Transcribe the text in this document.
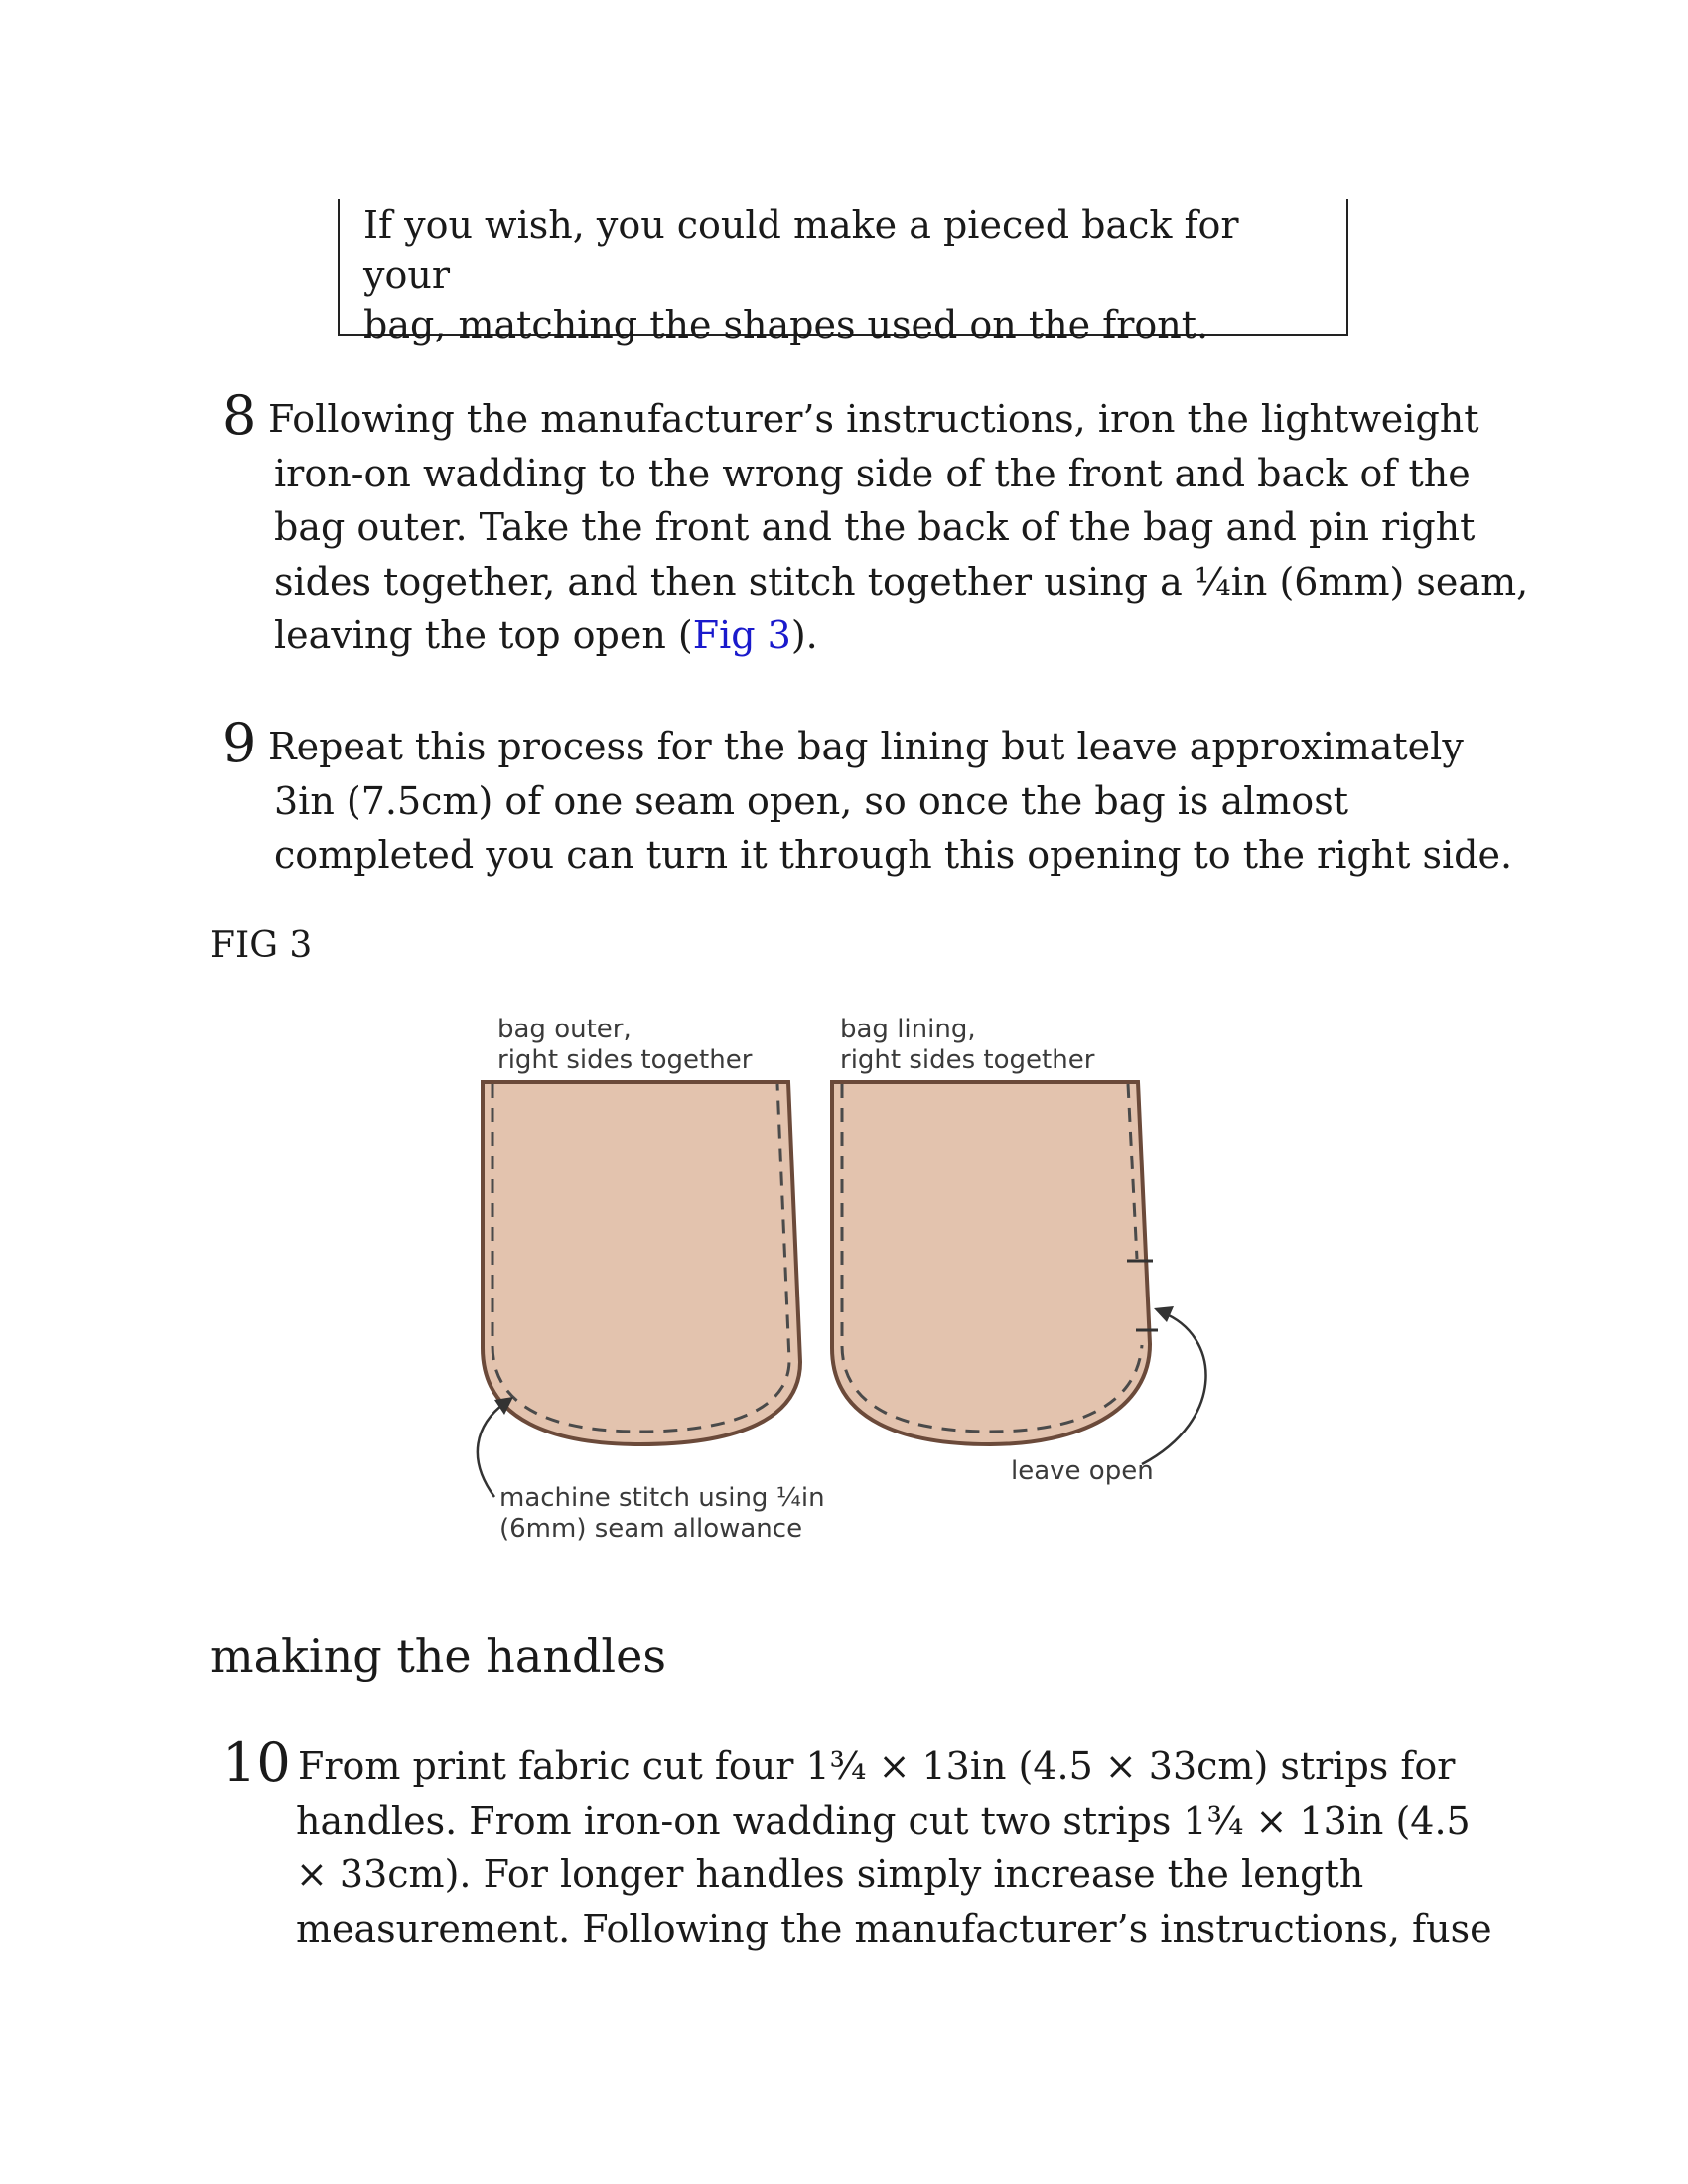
If you wish, you could make a pieced back for your
bag, matching the shapes used on the front.
8 Following the manufacturer’s instructions, iron the lightweight
iron-on wadding to the wrong side of the front and back of the
bag outer. Take the front and the back of the bag and pin right
sides together, and then stitch together using a ¼in (6mm) seam,
leaving the top open (Fig 3).
9 Repeat this process for the bag lining but leave approximately
3in (7.5cm) of one seam open, so once the bag is almost
completed you can turn it through this opening to the right side.
FIG 3
bag outer,
right sides together
bag lining,
right sides together
machine stitch using ¼in
(6mm) seam allowance
leave open
making the handles
10 From print fabric cut four 1¾ × 13in (4.5 × 33cm) strips for
handles. From iron-on wadding cut two strips 1¾ × 13in (4.5
× 33cm). For longer handles simply increase the length
measurement. Following the manufacturer’s instructions, fuse
